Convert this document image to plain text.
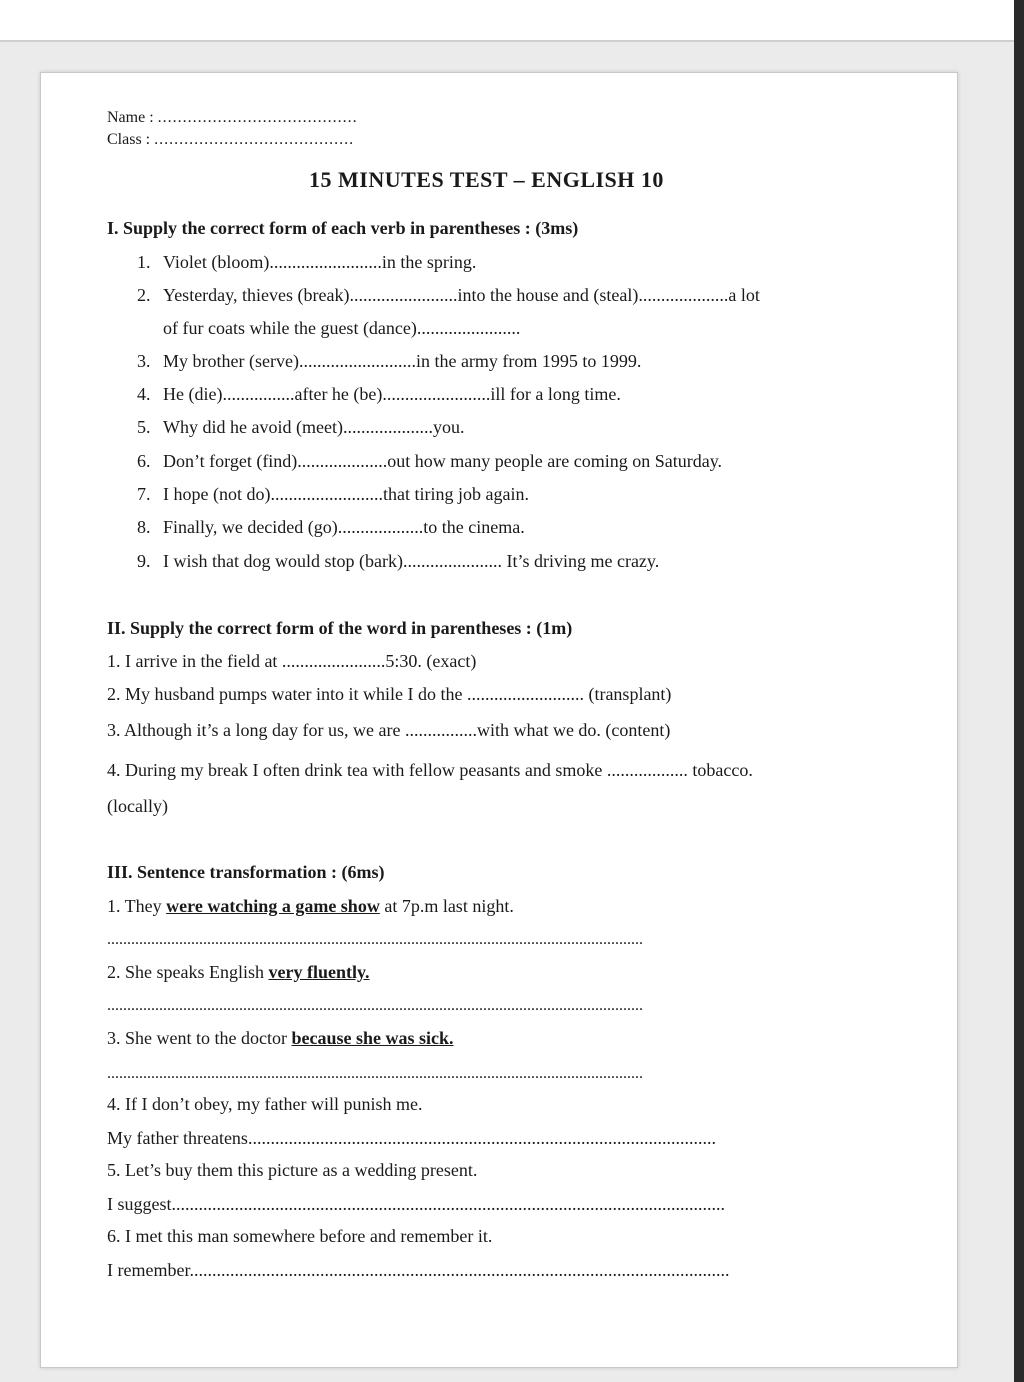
Name : ........................................
Class : ........................................
15 MINUTES TEST – ENGLISH 10
I. Supply the correct form of each verb in parentheses : (3ms)
1. Violet (bloom).........................in the spring.
2. Yesterday, thieves (break)........................into the house and (steal)....................a lot
of fur coats while the guest (dance).......................
3. My brother (serve)..........................in the army from 1995 to 1999.
4. He (die)................after he (be)........................ill for a long time.
5. Why did he avoid (meet)....................you.
6. Don’t forget (find)....................out how many people are coming on Saturday.
7. I hope (not do).........................that tiring job again.
8. Finally, we decided (go)...................to the cinema.
9. I wish that dog would stop (bark)...................... It’s driving me crazy.
II. Supply the correct form of the word in parentheses : (1m)
1. I arrive in the field at .......................5:30. (exact)
2. My husband pumps water into it while I do the .......................... (transplant)
3. Although it’s a long day for us, we are ................with what we do. (content)
4. During my break I often drink tea with fellow peasants and smoke .................. tobacco.
(locally)
III. Sentence transformation : (6ms)
1. They were watching a game show at 7p.m last night.
......................................................................................................................................
2. She speaks English very fluently.
......................................................................................................................................
3. She went to the doctor because she was sick.
......................................................................................................................................
4. If I don’t obey, my father will punish me.
My father threatens........................................................................................................
5. Let’s buy them this picture as a wedding present.
I suggest...........................................................................................................................
6. I met this man somewhere before and remember it.
I remember........................................................................................................................
